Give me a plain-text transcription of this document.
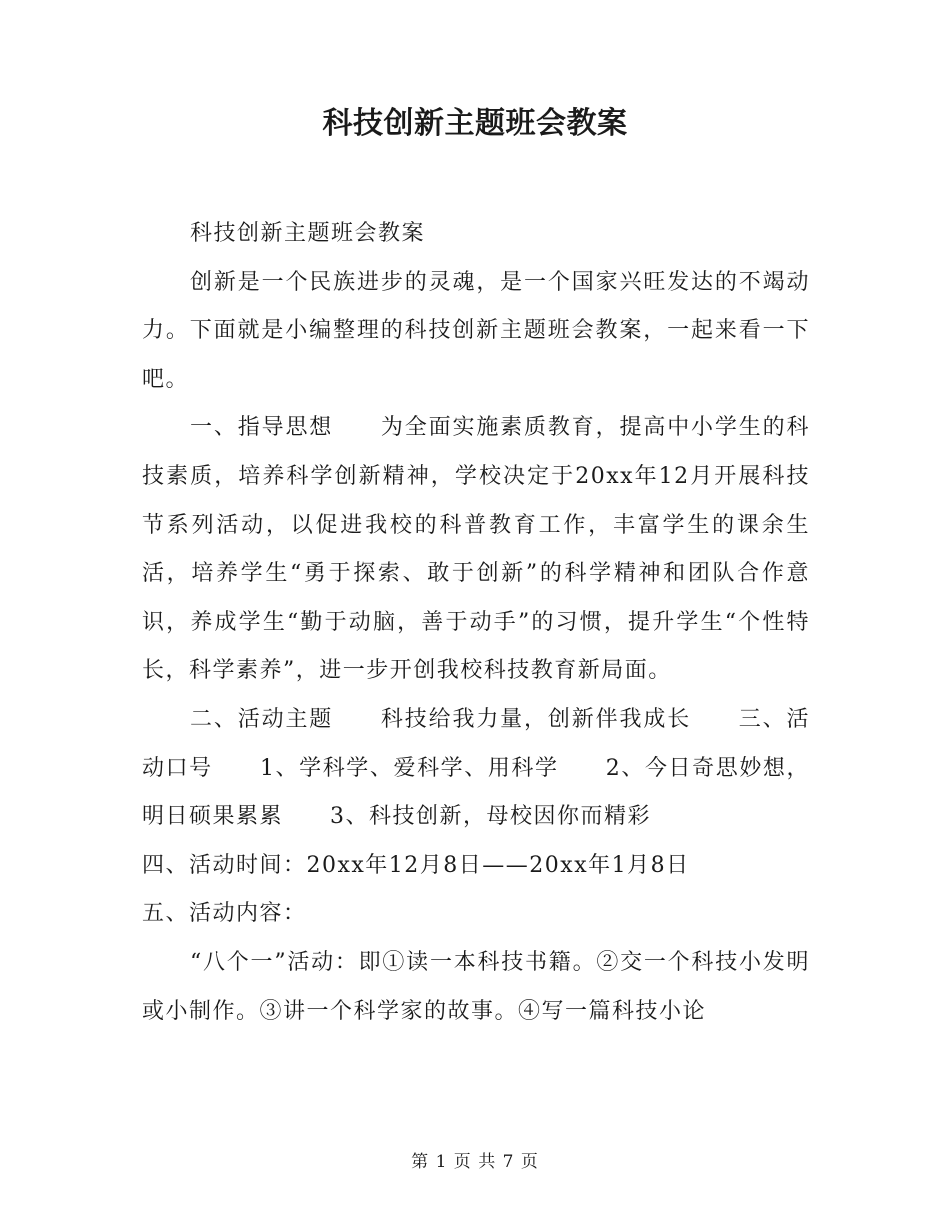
科技创新主题班会教案

科技创新主题班会教案

创新是一个民族进步的灵魂，是一个国家兴旺发达的不竭动力。下面就是小编整理的科技创新主题班会教案，一起来看一下吧。

一、指导思想　　为全面实施素质教育，提高中小学生的科技素质，培养科学创新精神，学校决定于20xx年12月开展科技节系列活动，以促进我校的科普教育工作，丰富学生的课余生活，培养学生“勇于探索、敢于创新”的科学精神和团队合作意识，养成学生“勤于动脑，善于动手”的习惯，提升学生“个性特长，科学素养”，进一步开创我校科技教育新局面。

二、活动主题　　科技给我力量，创新伴我成长　　三、活动口号　　1、学科学、爱科学、用科学　　2、今日奇思妙想，明日硕果累累　　3、科技创新，母校因你而精彩

四、活动时间：20xx年12月8日——20xx年1月8日

五、活动内容：

“八个一”活动：即①读一本科技书籍。②交一个科技小发明或小制作。③讲一个科学家的故事。④写一篇科技小论

第 1 页 共 7 页
